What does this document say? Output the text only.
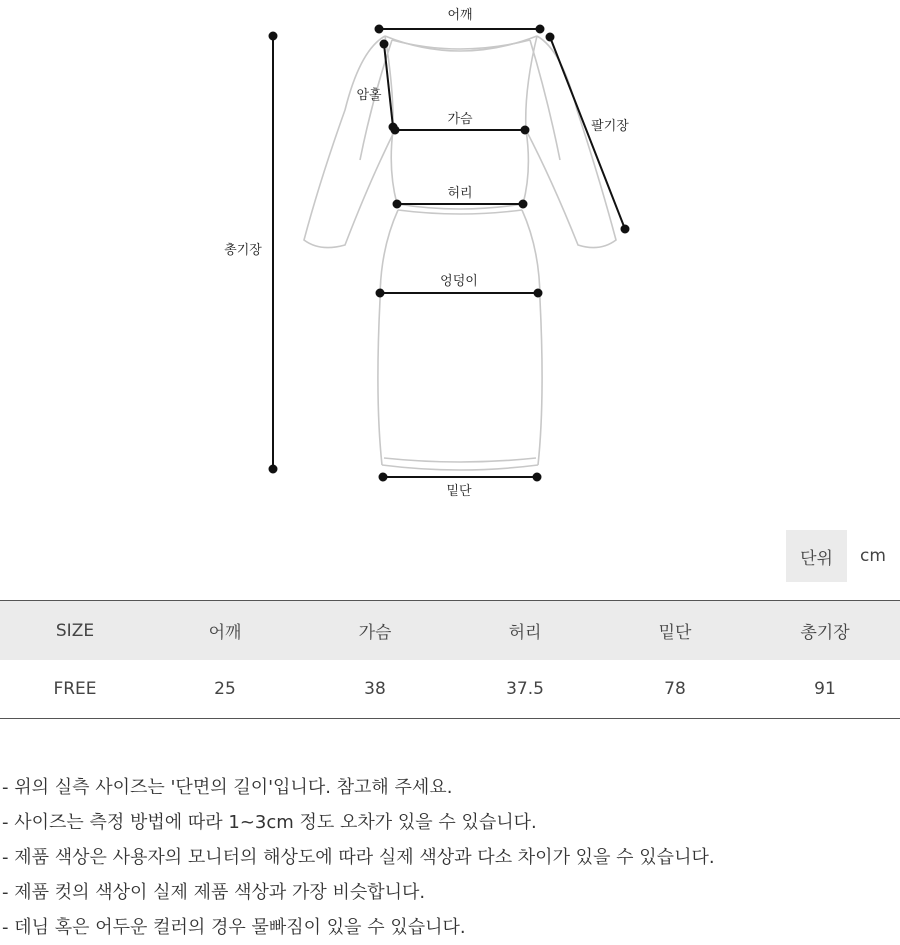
어깨
암홀
가슴	팔기장
허리
총기장
엉덩이
밑단
단위	cm
SIZE	어깨	가슴	허리	밑단	총기장
FREE	25	38	37.5	78	91
- 위의 실측 사이즈는 '단면의 길이'입니다. 참고해 주세요.
- 사이즈는 측정 방법에 따라 1~3cm 정도 오차가 있을 수 있습니다.
- 제품 색상은 사용자의 모니터의 해상도에 따라 실제 색상과 다소 차이가 있을 수 있습니다.
- 제품 컷의 색상이 실제 제품 색상과 가장 비슷합니다.
- 데님 혹은 어두운 컬러의 경우 물빠짐이 있을 수 있습니다.
